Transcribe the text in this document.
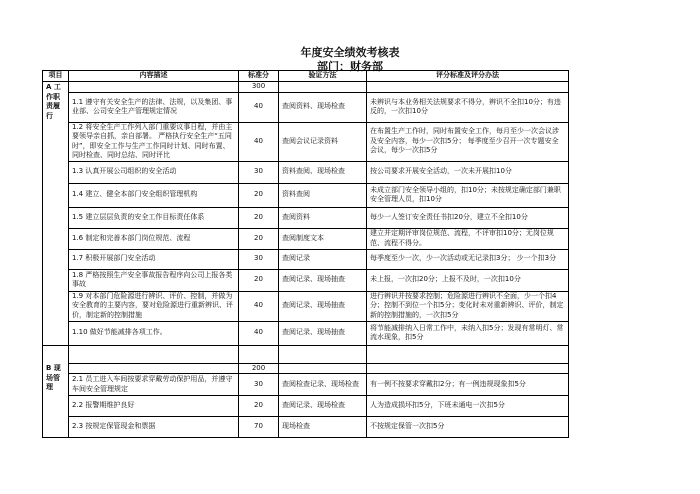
年度安全绩效考核表
部门：财务部
项目	内容描述	标准分	验证方法	评分标准及评分办法
A 工作职责履行		300		
	1.1 遵守有关安全生产的法律、法规，以及集团、事业部、公司安全生产管理规定情况	40	查阅资料、现场检查	未辨识与本业务相关法规要求不得分，辨识不全扣10分；有违反的，一次扣10分
	1.2 将安全生产工作列入部门重要议事日程，并由主要领导亲自抓，亲自部署。 严格执行安全生产“五同时”，即安全工作与生产工作同时计划、同时布置、同时检查、同时总结、同时评比	40	查阅会议记录资料	在布置生产工作时，同时布置安全工作，每月至少一次会议涉及安全内容，每少一次扣5分； 每季度至少召开一次专题安全会议，每少一次扣5分
	1.3 认真开展公司组织的安全活动	30	资料查阅、现场检查	按公司要求开展安全活动，一次未开展扣10分
	1.4 建立、健全本部门安全组织管理机构	20	资料查阅	未成立部门安全领导小组的，扣10分；未按规定确定部门兼职安全管理人员，扣10分
	1.5 建立层层负责的安全工作目标责任体系	20	查阅资料	每少一人签订安全责任书扣20分，建立不全扣10分
	1.6 制定和完善本部门岗位规范、流程	20	查阅制度文本	建立并定期评审岗位规范、流程，不评审扣10分；无岗位规范、流程不得分。
	1.7 积极开展部门安全活动	30	查阅记录	每季度至少一次，少一次活动或无记录扣3分； 少一个扣3分
	1.8 严格按照生产安全事故报告程序向公司上报各类事故	20	查阅记录、现场抽查	未上报，一次扣20分；上报不及时，一次扣10分
	1.9 对本部门危险源进行辨识、评价、控制，并做为安全教育的主要内容，要对危险源进行重新辨识、评价，制定新的控制措施	40	查阅记录、现场抽查	进行辨识并按要求控制；危险源进行辨识不全面，少一个扣4分；控制不到位一个扣5分；变化时未对重新辨识、评价，制定新的控制措施的，一次扣5分
	1.10 做好节能减排各项工作。	40	查阅记录、现场抽查	将节能减排纳入日常工作中，未纳入扣5分；发现有常明灯、常流水现象，扣5分

B 现场管理		200		
	2.1 员工进入车间按要求穿戴劳动保护用品，并遵守车间安全管理规定	30	查阅检查记录、现场检查	有一例不按要求穿戴扣2分；有一例违规现象扣5分
	2.2 报警期维护良好	20	查阅记录、现场检查	人为造成损坏扣5分，下班未通电一次扣5分
	2.3 按规定保管现金和票据	70	现场检查	不按规定保管一次扣5分
